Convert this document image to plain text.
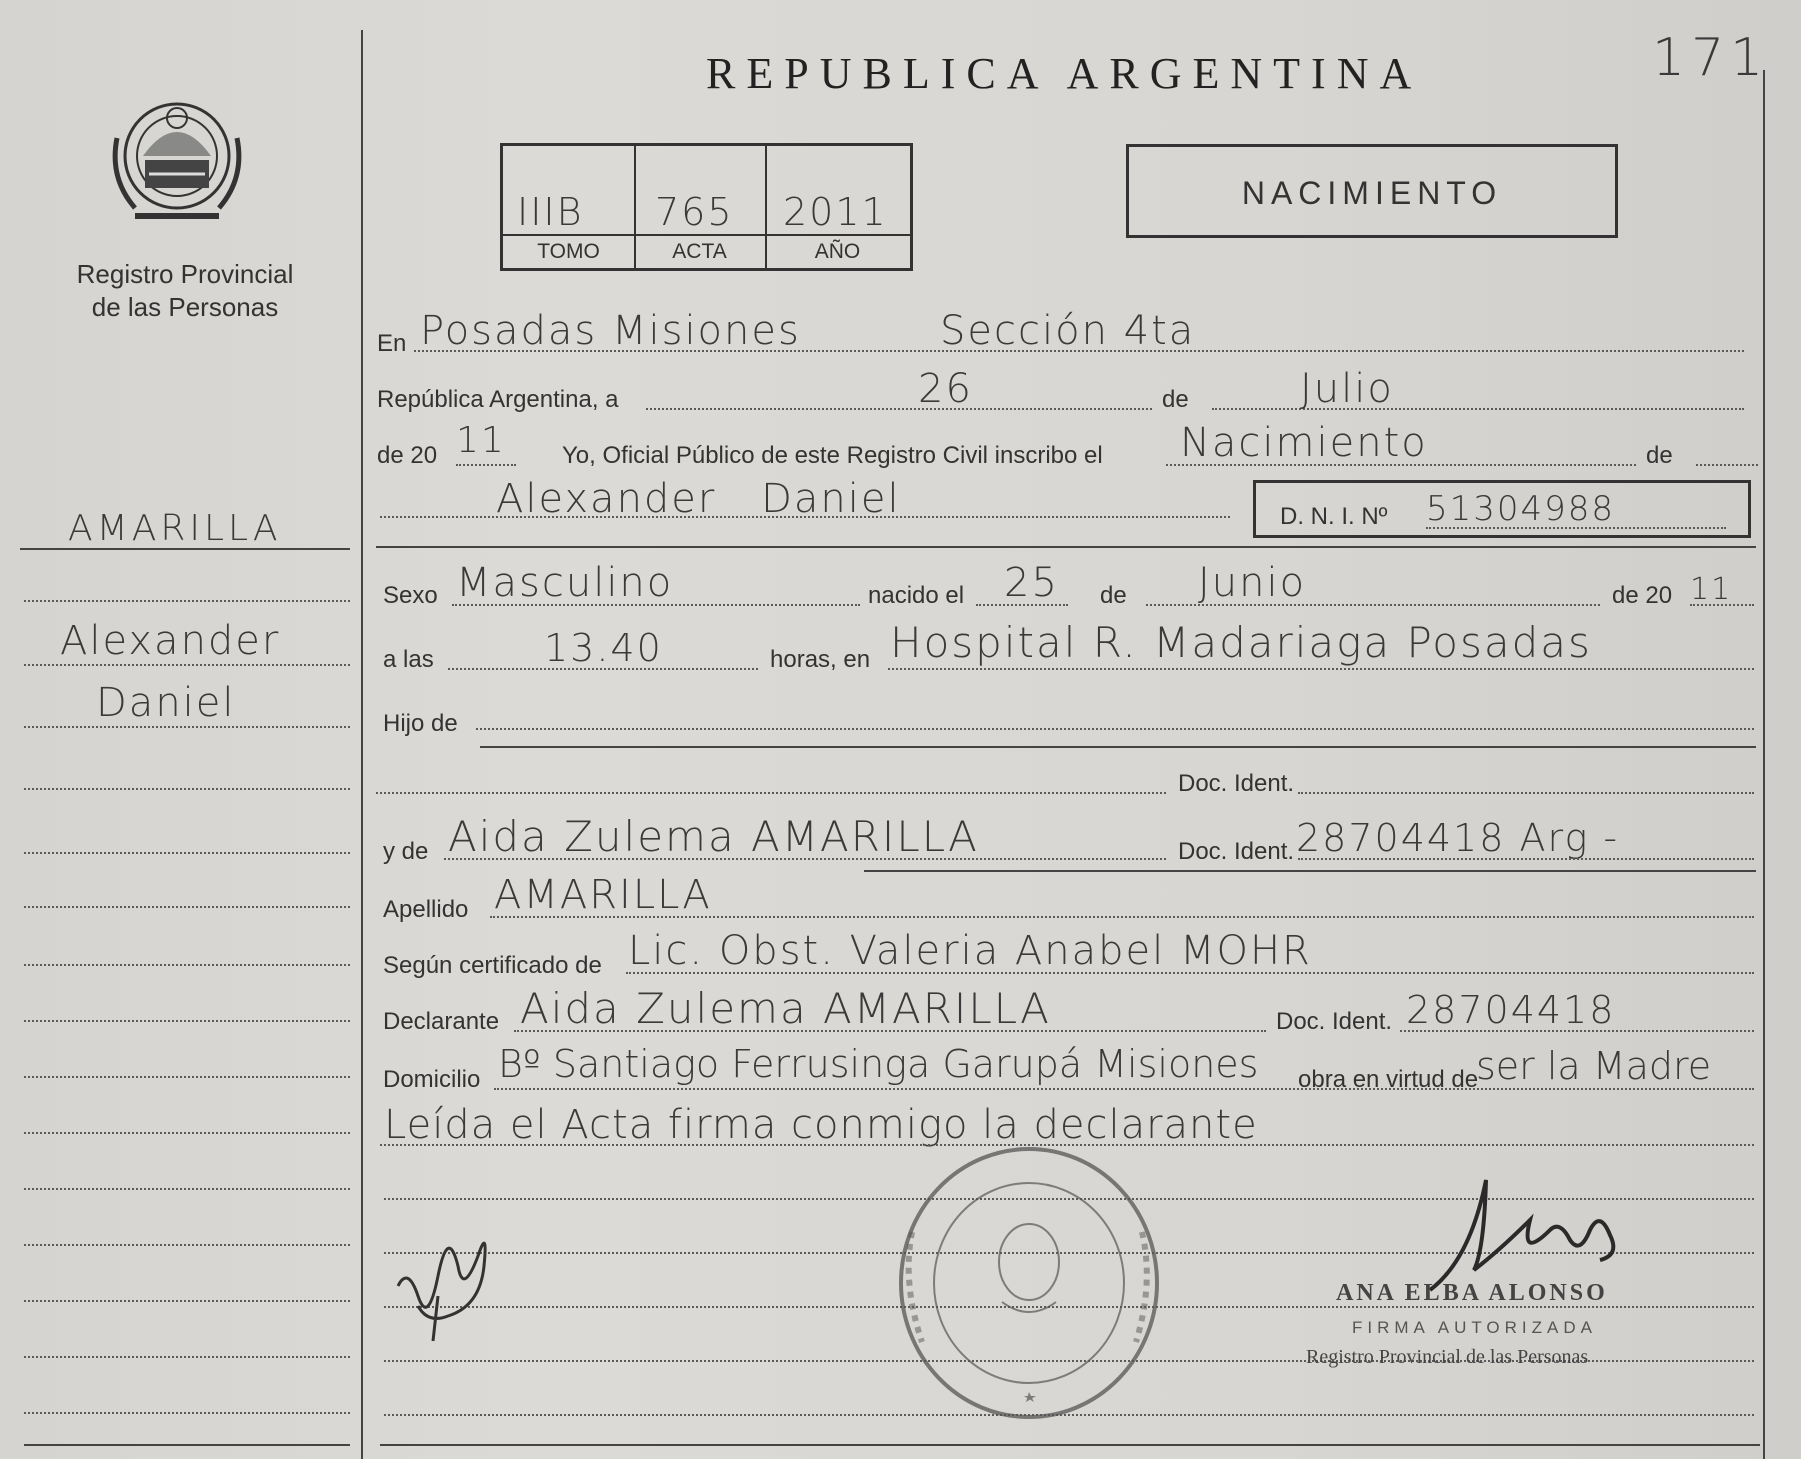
Registro Provincial
de las Personas
AMARILLA
Alexander
Daniel
171
REPUBLICA ARGENTINA
IIIB 765 2011
TOMO	ACTA	AÑO
NACIMIENTO
En Posadas Misiones	Sección 4ta
República Argentina, a	26	de	Julio
de 20 11 Yo, Oficial Público de este Registro Civil inscribo el Nacimiento	de
Alexander Daniel	D. N. I. Nº 51304988
Sexo Masculino	nacido el 25 de Junio	de 20 11
a las	13.40	horas, en Hospital R. Madariaga Posadas
Hijo de
Doc. Ident.
y de Aida Zulema AMARILLA	Doc. Ident. 28704418 Arg -
Apellido AMARILLA
Según certificado de Lic. Obst. Valeria Anabel MOHR
Declarante Aida Zulema AMARILLA	Doc. Ident. 28704418
Domicilio Bº Santiago Ferrusinga Garupá Misiones obra en virtud de
ser la Madre
Leída el Acta firma conmigo la declarante
ANA ELBA ALONSO
FIRMA AUTORIZADA
Registro Provincial de las Personas
